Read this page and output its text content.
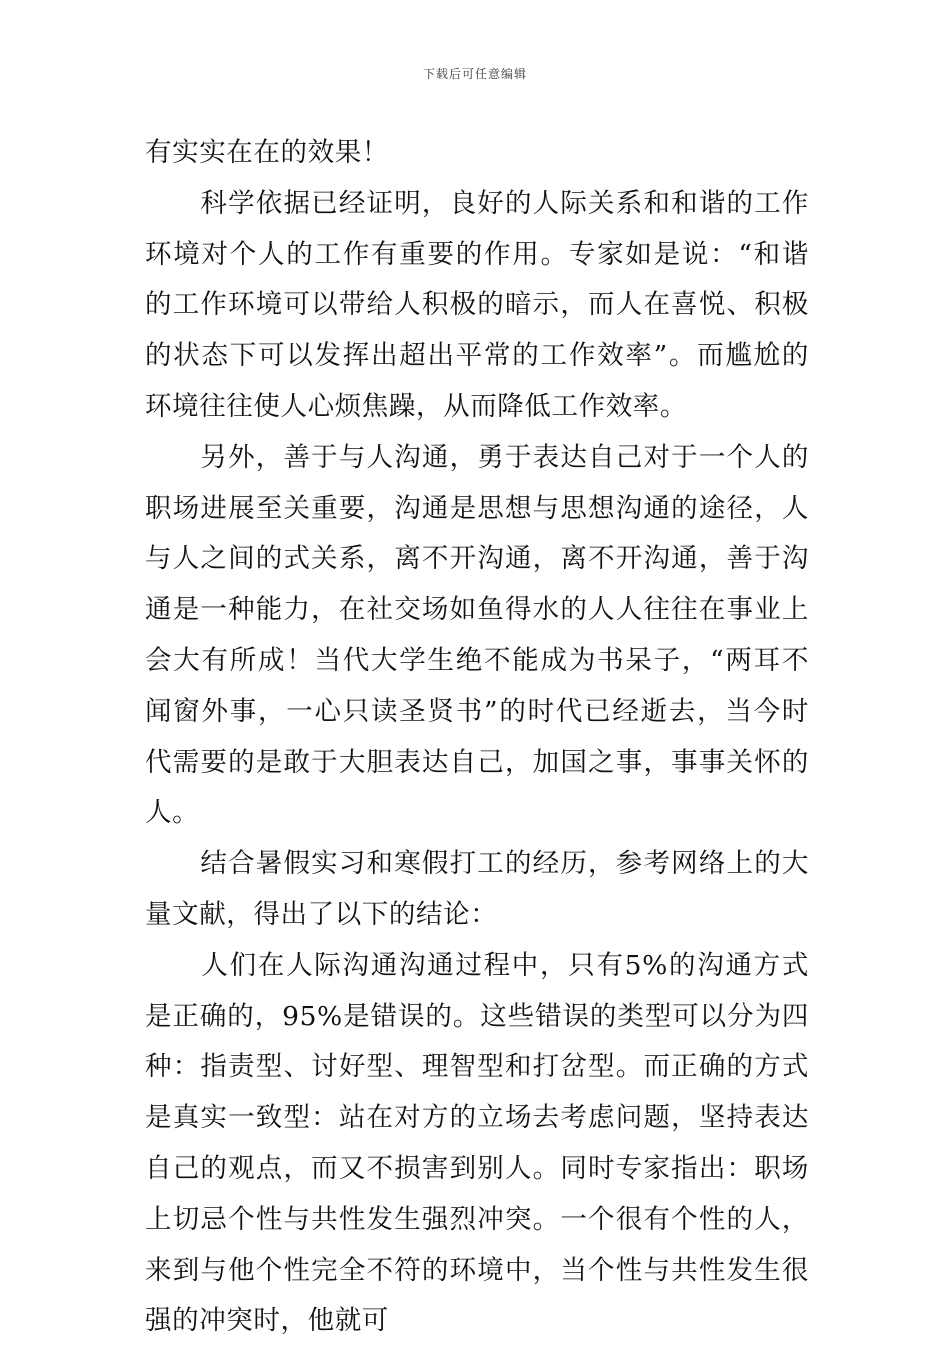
下载后可任意编辑

有实实在在的效果！

　　科学依据已经证明，良好的人际关系和和谐的工作环境对个人的工作有重要的作用。专家如是说：“和谐的工作环境可以带给人积极的暗示，而人在喜悦、积极的状态下可以发挥出超出平常的工作效率”。而尴尬的环境往往使人心烦焦躁，从而降低工作效率。

　　另外，善于与人沟通，勇于表达自己对于一个人的职场进展至关重要，沟通是思想与思想沟通的途径，人与人之间的式关系，离不开沟通，离不开沟通，善于沟通是一种能力，在社交场如鱼得水的人人往往在事业上会大有所成！当代大学生绝不能成为书呆子，“两耳不闻窗外事，一心只读圣贤书”的时代已经逝去，当今时代需要的是敢于大胆表达自己，加国之事，事事关怀的人。

　　结合暑假实习和寒假打工的经历，参考网络上的大量文献，得出了以下的结论：

　　人们在人际沟通沟通过程中，只有5%的沟通方式是正确的，95%是错误的。这些错误的类型可以分为四种：指责型、讨好型、理智型和打岔型。而正确的方式是真实一致型：站在对方的立场去考虑问题，坚持表达自己的观点，而又不损害到别人。同时专家指出：职场上切忌个性与共性发生强烈冲突。一个很有个性的人，来到与他个性完全不符的环境中，当个性与共性发生很强的冲突时，他就可
